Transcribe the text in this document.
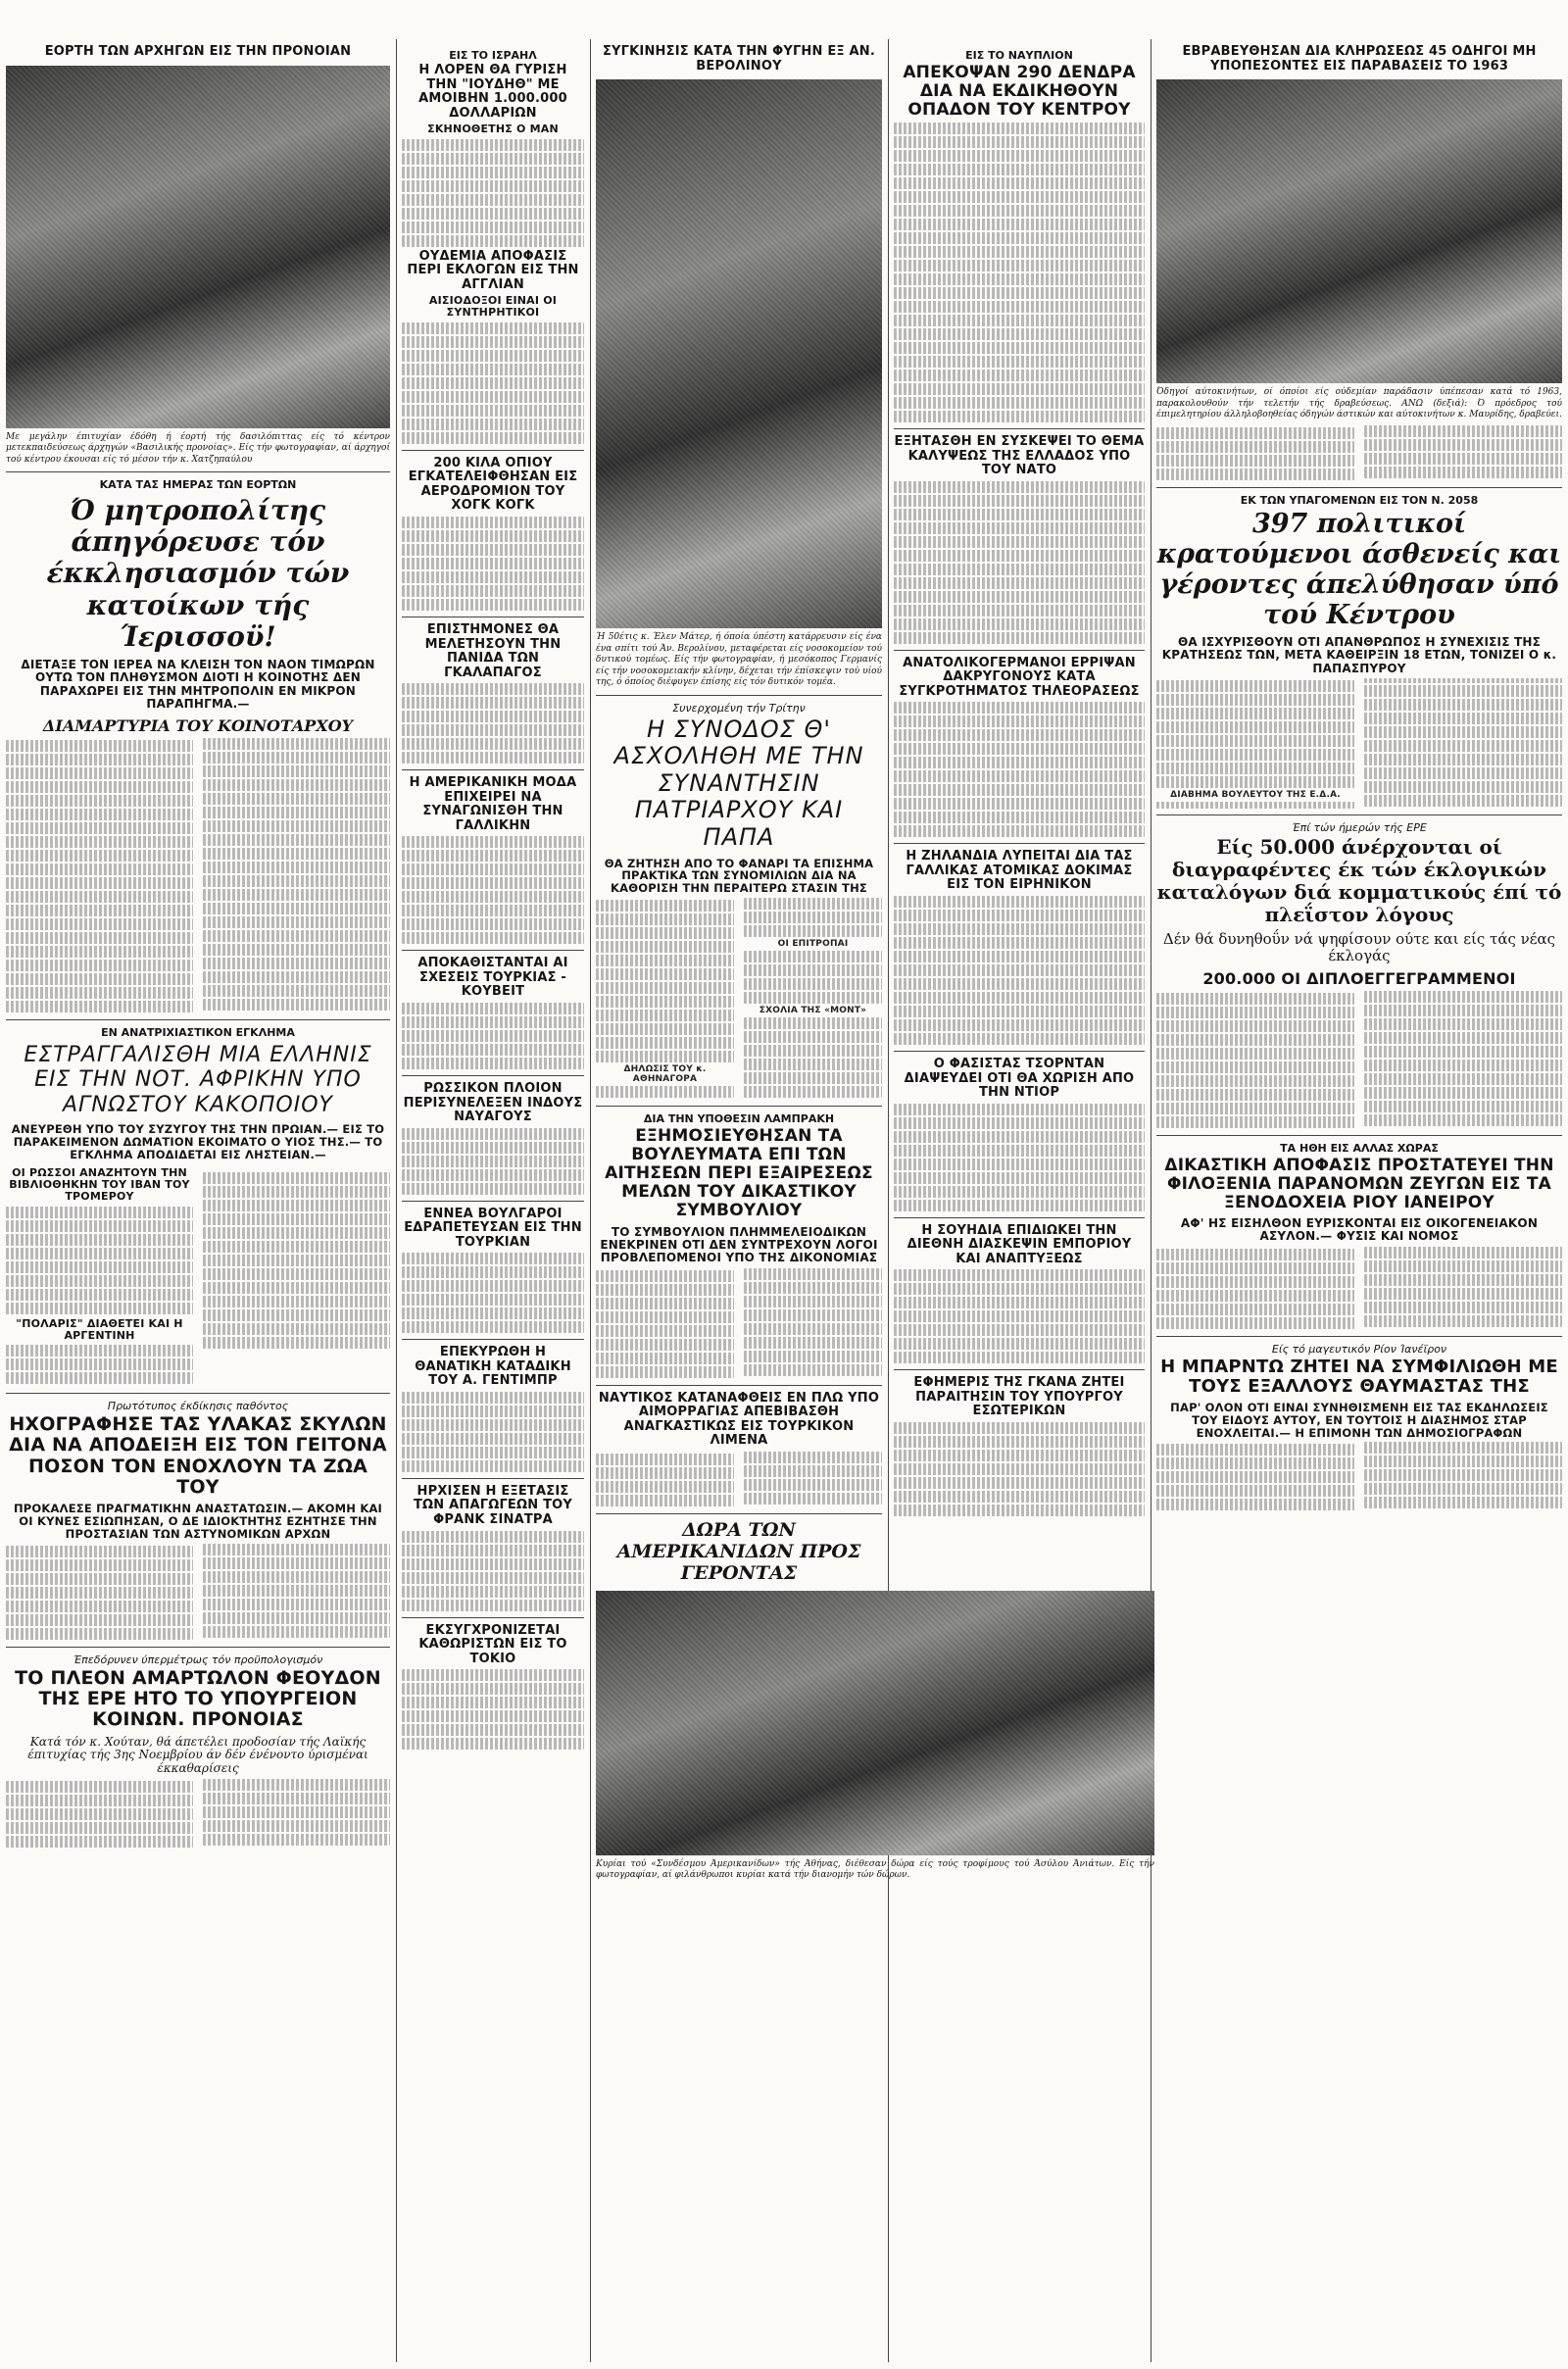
ΕΟΡΤΗ ΤΩΝ ΑΡΧΗΓΩΝ ΕΙΣ ΤΗΝ ΠΡΟΝΟΙΑΝ

Με μεγάλην έπιτυχίαν έδόθη ή έορτή τής δασιλόπιττας είς τό κέντρον μετεκπαιδεύσεως άρχηγών «Βασιλικής προνοίας». Είς τήν φωτογραφίαν, αί άρχηγοί τού κέντρου έκουσαι είς τό μέσον τήν κ. Χατζηπαύλου

ΚΑΤΑ ΤΑΣ ΗΜΕΡΑΣ ΤΩΝ ΕΟΡΤΩΝ

Ό μητροπολίτης άπηγόρευσε τόν έκκλησιασμόν τών κατοίκων τής Ίερισσοϋ!

ΔΙΕΤΑΞΕ ΤΟΝ ΙΕΡΕΑ ΝΑ ΚΛΕΙΣΗ ΤΟΝ ΝΑΟΝ ΤΙΜΩΡΩΝ ΟΥΤΩ ΤΟΝ ΠΛΗΘΥΣΜΟΝ ΔΙΟΤΙ Η ΚΟΙΝΟΤΗΣ ΔΕΝ ΠΑΡΑΧΩΡΕΙ ΕΙΣ ΤΗΝ ΜΗΤΡΟΠΟΛΙΝ ΕΝ ΜΙΚΡΟΝ ΠΑΡΑΠΗΓΜΑ.—

ΔΙΑΜΑΡΤΥΡΙΑ ΤΟΥ ΚΟΙΝΟΤΑΡΧΟΥ

ΕΝ ΑΝΑΤΡΙΧΙΑΣΤΙΚΟΝ ΕΓΚΛΗΜΑ

ΕΣΤΡΑΓΓΑΛΙΣΘΗ ΜΙΑ ΕΛΛΗΝΙΣ ΕΙΣ ΤΗΝ ΝΟΤ. ΑΦΡΙΚΗΝ ΥΠΟ ΑΓΝΩΣΤΟΥ ΚΑΚΟΠΟΙΟΥ

ΑΝΕΥΡΕΘΗ ΥΠΟ ΤΟΥ ΣΥΖΥΓΟΥ ΤΗΣ ΤΗΝ ΠΡΩΙΑΝ.— ΕΙΣ ΤΟ ΠΑΡΑΚΕΙΜΕΝΟΝ ΔΩΜΑΤΙΟΝ ΕΚΟΙΜΑΤΟ Ο ΥΙΟΣ ΤΗΣ.— ΤΟ ΕΓΚΛΗΜΑ ΑΠΟΔΙΔΕΤΑΙ ΕΙΣ ΛΗΣΤΕΙΑΝ.—

ΟΙ ΡΩΣΣΟΙ ΑΝΑΖΗΤΟΥΝ ΤΗΝ ΒΙΒΛΙΟΘΗΚΗΝ ΤΟΥ ΙΒΑΝ ΤΟΥ ΤΡΟΜΕΡΟΥ

"ΠΟΛΑΡΙΣ" ΔΙΑΘΕΤΕΙ ΚΑΙ Η ΑΡΓΕΝΤΙΝΗ

Πρωτότυπος έκδίκησις παθόντος

ΗΧΟΓΡΑΦΗΣΕ ΤΑΣ ΥΛΑΚΑΣ ΣΚΥΛΩΝ ΔΙΑ ΝΑ ΑΠΟΔΕΙΞΗ ΕΙΣ ΤΟΝ ΓΕΙΤΟΝΑ ΠΟΣΟΝ ΤΟΝ ΕΝΟΧΛΟΥΝ ΤΑ ΖΩΑ ΤΟΥ

ΠΡΟΚΑΛΕΣΕ ΠΡΑΓΜΑΤΙΚΗΝ ΑΝΑΣΤΑΤΩΣΙΝ.— ΑΚΟΜΗ ΚΑΙ ΟΙ ΚΥΝΕΣ ΕΣΙΩΠΗΣΑΝ, Ο ΔΕ ΙΔΙΟΚΤΗΤΗΣ ΕΖΗΤΗΣΕ ΤΗΝ ΠΡΟΣΤΑΣΙΑΝ ΤΩΝ ΑΣΤΥΝΟΜΙΚΩΝ ΑΡΧΩΝ

Έπεδόρυνεν ύπερμέτρως τόν προϋπολογισμόν

ΤΟ ΠΛΕΟΝ ΑΜΑΡΤΩΛΟΝ ΦΕΟΥΔΟΝ ΤΗΣ ΕΡΕ ΗΤΟ ΤΟ ΥΠΟΥΡΓΕΙΟΝ ΚΟΙΝΩΝ. ΠΡΟΝΟΙΑΣ

Κατά τόν κ. Χούταν, θά άπετέλει προδοσίαν τής Λαϊκής έπιτυχίας τής 3ης Νοεμβρίου άν δέν ένένοντο ύρισμέναι έκκαθαρίσεις

ΕΙΣ ΤΟ ΙΣΡΑΗΛ

Η ΛΟΡΕΝ ΘΑ ΓΥΡΙΣΗ ΤΗΝ "ΙΟΥΔΗΘ" ΜΕ ΑΜΟΙΒΗΝ 1.000.000 ΔΟΛΛΑΡΙΩΝ

ΣΚΗΝΟΘΕΤΗΣ Ο ΜΑΝ

ΟΥΔΕΜΙΑ ΑΠΟΦΑΣΙΣ ΠΕΡΙ ΕΚΛΟΓΩΝ ΕΙΣ ΤΗΝ ΑΓΓΛΙΑΝ

ΑΙΣΙΟΔΟΞΟΙ ΕΙΝΑΙ ΟΙ ΣΥΝΤΗΡΗΤΙΚΟΙ

200 ΚΙΛΑ ΟΠΙΟΥ ΕΓΚΑΤΕΛΕΙΦΘΗΣΑΝ ΕΙΣ ΑΕΡΟΔΡΟΜΙΟΝ ΤΟΥ ΧΟΓΚ ΚΟΓΚ

ΕΠΙΣΤΗΜΟΝΕΣ ΘΑ ΜΕΛΕΤΗΣΟΥΝ ΤΗΝ ΠΑΝΙΔΑ ΤΩΝ ΓΚΑΛΑΠΑΓΟΣ

Η ΑΜΕΡΙΚΑΝΙΚΗ ΜΟΔΑ ΕΠΙΧΕΙΡΕΙ ΝΑ ΣΥΝΑΓΩΝΙΣΘΗ ΤΗΝ ΓΑΛΛΙΚΗΝ

ΑΠΟΚΑΘΙΣΤΑΝΤΑΙ ΑΙ ΣΧΕΣΕΙΣ ΤΟΥΡΚΙΑΣ - ΚΟΥΒΕΙΤ

ΡΩΣΣΙΚΟΝ ΠΛΟΙΟΝ ΠΕΡΙΣΥΝΕΛΕΞΕΝ ΙΝΔΟΥΣ ΝΑΥΑΓΟΥΣ

ΕΝΝΕΑ ΒΟΥΛΓΑΡΟΙ ΕΔΡΑΠΕΤΕΥΣΑΝ ΕΙΣ ΤΗΝ ΤΟΥΡΚΙΑΝ

ΕΠΕΚΥΡΩΘΗ Η ΘΑΝΑΤΙΚΗ ΚΑΤΑΔΙΚΗ ΤΟΥ Α. ΓΕΝΤΙΜΠΡ

ΗΡΧΙΣΕΝ Η ΕΞΕΤΑΣΙΣ ΤΩΝ ΑΠΑΓΩΓΕΩΝ ΤΟΥ ΦΡΑΝΚ ΣΙΝΑΤΡΑ

ΕΚΣΥΓΧΡΟΝΙΖΕΤΑΙ ΚΑΘΩΡΙΣΤΩΝ ΕΙΣ ΤΟ ΤΟΚΙΟ

ΣΥΓΚΙΝΗΣΙΣ ΚΑΤΑ ΤΗΝ ΦΥΓΗΝ ΕΞ ΑΝ. ΒΕΡΟΛΙΝΟΥ

Ή 50έτις κ. Έλεν Μάτερ, ή όποία ύπέστη κατάρρευσιν είς ένα ένα σπίτι τού Άν. Βερολίνου, μεταφέρεται είς νοσοκομείον τού δυτικού τομέως. Είς τήν φωτογραφίαν, ή μεσόκοπος Γερμανίς είς τήν νοσοκομειακήν κλίνην, δέχεται τήν έπίσκεψιν τού υίού της, ό όποίος διέφυγεν έπίσης είς τόν δυτικόν τομέα.

Συνερχομένη τήν Τρίτην

Η ΣΥΝΟΔΟΣ Θ' ΑΣΧΟΛΗΘΗ ΜΕ ΤΗΝ ΣΥΝΑΝΤΗΣΙΝ ΠΑΤΡΙΑΡΧΟΥ ΚΑΙ ΠΑΠΑ

ΘΑ ΖΗΤΗΣΗ ΑΠΟ ΤΟ ΦΑΝΑΡΙ ΤΑ ΕΠΙΣΗΜΑ ΠΡΑΚΤΙΚΑ ΤΩΝ ΣΥΝΟΜΙΛΙΩΝ ΔΙΑ ΝΑ ΚΑΘΟΡΙΣΗ ΤΗΝ ΠΕΡΑΙΤΕΡΩ ΣΤΑΣΙΝ ΤΗΣ

ΔΗΛΩΣΙΣ ΤΟΥ κ. ΑΘΗΝΑΓΟΡΑ

ΟΙ ΕΠΙΤΡΟΠΑΙ

ΣΧΟΛΙΑ ΤΗΣ «ΜΟΝΤ»

ΔΙΑ ΤΗΝ ΥΠΟΘΕΣΙΝ ΛΑΜΠΡΑΚΗ

ΕΞΗΜΟΣΙΕΥΘΗΣΑΝ ΤΑ ΒΟΥΛΕΥΜΑΤΑ ΕΠΙ ΤΩΝ ΑΙΤΗΣΕΩΝ ΠΕΡΙ ΕΞΑΙΡΕΣΕΩΣ ΜΕΛΩΝ ΤΟΥ ΔΙΚΑΣΤΙΚΟΥ ΣΥΜΒΟΥΛΙΟΥ

ΤΟ ΣΥΜΒΟΥΛΙΟΝ ΠΛΗΜΜΕΛΕΙΟΔΙΚΩΝ ΕΝΕΚΡΙΝΕΝ ΟΤΙ ΔΕΝ ΣΥΝΤΡΕΧΟΥΝ ΛΟΓΟΙ ΠΡΟΒΛΕΠΟΜΕΝΟΙ ΥΠΟ ΤΗΣ ΔΙΚΟΝΟΜΙΑΣ

ΝΑΥΤΙΚΟΣ ΚΑΤΑΝΑΦΘΕΙΣ ΕΝ ΠΛΩ ΥΠΟ ΑΙΜΟΡΡΑΓΙΑΣ ΑΠΕΒΙΒΑΣΘΗ ΑΝΑΓΚΑΣΤΙΚΩΣ ΕΙΣ ΤΟΥΡΚΙΚΟΝ ΛΙΜΕΝΑ

ΔΩΡΑ ΤΩΝ ΑΜΕΡΙΚΑΝΙΔΩΝ ΠΡΟΣ ΓΕΡΟΝΤΑΣ

Κυρίαι τού «Συνδέσμου Άμερικανίδων» τής Άθήνας, διέθεσαν δώρα είς τούς τροφίμους τού Άσύλου Άνιάτων. Είς τήν φωτογραφίαν, αί φιλάνθρωποι κυρίαι κατά τήν διανομήν τών δώρων.

ΕΙΣ ΤΟ ΝΑΥΠΛΙΟΝ

ΑΠΕΚΟΨΑΝ 290 ΔΕΝΔΡΑ ΔΙΑ ΝΑ ΕΚΔΙΚΗΘΟΥΝ ΟΠΑΔΟΝ ΤΟΥ ΚΕΝΤΡΟΥ

ΕΞΗΤΑΣΘΗ ΕΝ ΣΥΣΚΕΨΕΙ ΤΟ ΘΕΜΑ ΚΑΛΥΨΕΩΣ ΤΗΣ ΕΛΛΑΔΟΣ ΥΠΟ ΤΟΥ ΝΑΤΟ

ΑΝΑΤΟΛΙΚΟΓΕΡΜΑΝΟΙ ΕΡΡΙΨΑΝ ΔΑΚΡΥΓΟΝΟΥΣ ΚΑΤΑ ΣΥΓΚΡΟΤΗΜΑΤΟΣ ΤΗΛΕΟΡΑΣΕΩΣ

Η ΖΗΛΑΝΔΙΑ ΛΥΠΕΙΤΑΙ ΔΙΑ ΤΑΣ ΓΑΛΛΙΚΑΣ ΑΤΟΜΙΚΑΣ ΔΟΚΙΜΑΣ ΕΙΣ ΤΟΝ ΕΙΡΗΝΙΚΟΝ

Ο ΦΑΣΙΣΤΑΣ ΤΣΟΡΝΤΑΝ ΔΙΑΨΕΥΔΕΙ ΟΤΙ ΘΑ ΧΩΡΙΣΗ ΑΠΟ ΤΗΝ ΝΤΙΟΡ

Η ΣΟΥΗΔΙΑ ΕΠΙΔΙΩΚΕΙ ΤΗΝ ΔΙΕΘΝΗ ΔΙΑΣΚΕΨΙΝ ΕΜΠΟΡΙΟΥ ΚΑΙ ΑΝΑΠΤΥΞΕΩΣ

ΕΦΗΜΕΡΙΣ ΤΗΣ ΓΚΑΝΑ ΖΗΤΕΙ ΠΑΡΑΙΤΗΣΙΝ ΤΟΥ ΥΠΟΥΡΓΟΥ ΕΣΩΤΕΡΙΚΩΝ

ΕΒΡΑΒΕΥΘΗΣΑΝ ΔΙΑ ΚΛΗΡΩΣΕΩΣ 45 ΟΔΗΓΟΙ ΜΗ ΥΠΟΠΕΣΟΝΤΕΣ ΕΙΣ ΠΑΡΑΒΑΣΕΙΣ ΤΟ 1963

Όδηγοί αύτοκινήτων, οί όποίοι είς ούδεμίαν παράδασιν ύπέπεσαν κατά τό 1963, παρακολουθούν τήν τελετήν τής δραβεύσεως. ΑΝΩ (δεξιά): Ό πρόεδρος τού έπιμελητηρίου άλληλοβοηθείας όδηγών άστικών και αύτοκινήτων κ. Μαυρίδης, δραβεύει.

ΕΚ ΤΩΝ ΥΠΑΓΟΜΕΝΩΝ ΕΙΣ ΤΟΝ Ν. 2058

397 πολιτικοί κρατούμενοι άσθενείς και γέροντες άπελύθησαν ύπό τού Κέντρου

ΘΑ ΙΣΧΥΡΙΣΘΟΥΝ ΟΤΙ ΑΠΑΝΘΡΩΠΟΣ Η ΣΥΝΕΧΙΣΙΣ ΤΗΣ ΚΡΑΤΗΣΕΩΣ ΤΩΝ, ΜΕΤΑ ΚΑΘΕΙΡΞΙΝ 18 ΕΤΩΝ, ΤΟΝΙΖΕΙ Ο κ. ΠΑΠΑΣΠΥΡΟΥ

ΔΙΑΒΗΜΑ ΒΟΥΛΕΥΤΟΥ ΤΗΣ Ε.Δ.Α.

Έπί τών ήμερών τής ΕΡΕ

Είς 50.000 άνέρχονται οί διαγραφέντες έκ τών έκλογικών καταλόγων διά κομματικούς έπί τό πλεΐστον λόγους

Δέν θά δυνηθοΰν νά ψηφίσουν ούτε και είς τάς νέας έκλογάς

200.000 ΟΙ ΔΙΠΛΟΕΓΓΕΓΡΑΜΜΕΝΟΙ

ΤΑ ΗΘΗ ΕΙΣ ΑΛΛΑΣ ΧΩΡΑΣ

ΔΙΚΑΣΤΙΚΗ ΑΠΟΦΑΣΙΣ ΠΡΟΣΤΑΤΕΥΕΙ ΤΗΝ ΦΙΛΟΞΕΝΙΑ ΠΑΡΑΝΟΜΩΝ ΖΕΥΓΩΝ ΕΙΣ ΤΑ ΞΕΝΟΔΟΧΕΙΑ ΡΙΟΥ ΙΑΝΕΙΡΟΥ

ΑΦ' ΗΣ ΕΙΣΗΛΘΟΝ ΕΥΡΙΣΚΟΝΤΑΙ ΕΙΣ ΟΙΚΟΓΕΝΕΙΑΚΟΝ ΑΣΥΛΟΝ.— ΦΥΣΙΣ ΚΑΙ ΝΟΜΟΣ

Είς τό μαγευτικόν Ρίον Ίανέϊρον

Η ΜΠΑΡΝΤΩ ΖΗΤΕΙ ΝΑ ΣΥΜΦΙΛΙΩΘΗ ΜΕ ΤΟΥΣ ΕΞΑΛΛΟΥΣ ΘΑΥΜΑΣΤΑΣ ΤΗΣ

ΠΑΡ' ΟΛΟΝ ΟΤΙ ΕΙΝΑΙ ΣΥΝΗΘΙΣΜΕΝΗ ΕΙΣ ΤΑΣ ΕΚΔΗΛΩΣΕΙΣ ΤΟΥ ΕΙΔΟΥΣ ΑΥΤΟΥ, ΕΝ ΤΟΥΤΟΙΣ Η ΔΙΑΣΗΜΟΣ ΣΤΑΡ ΕΝΟΧΛΕΙΤΑΙ.— Η ΕΠΙΜΟΝΗ ΤΩΝ ΔΗΜΟΣΙΟΓΡΑΦΩΝ
